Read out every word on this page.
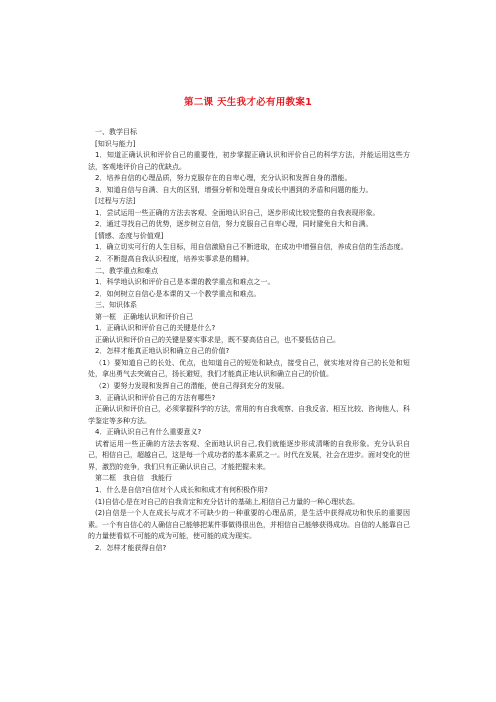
第二课 天生我才必有用教案1

一、教学目标

[知识与能力]

1．知道正确认识和评价自己的重要性，初步掌握正确认识和评价自己的科学方法，并能运用这些方法，客观地评价自己的优缺点。

2．培养自信的心理品质，努力克服存在的自卑心理，充分认识和发挥自身的潜能。

3．知道自信与自满、自大的区别，增强分析和处理自身成长中遇到的矛盾和问题的能力。

[过程与方法]

1．尝试运用一些正确的方法去客观、全面地认识自己，逐步形成比较完整的自我表现形象。

2．通过寻找自己的优势，逐步树立自信，努力克服自己自卑心理，同时避免自大和自满。

[情感、态度与价值观]

1．确立切实可行的人生目标，用自信激励自己不断进取，在成功中增强自信，养成自信的生活态度。

2．不断提高自我认识程度，培养实事求是的精神。

二、教学重点和难点

1．科学地认识和评价自己是本课的教学重点和难点之一。

2．如何树立自信心是本课的又一个教学重点和难点。

三、知识体系

第一框　正确地认识和评价自己

1．正确认识和评价自己的关键是什么?

正确认识和评价自己的关键是要实事求是，既不要高估自己，也不要低估自己。

2．怎样才能真正地认识和确立自己的价值?

（1）要知道自己的长处、优点，也知道自己的短处和缺点，接受自己，就实地对待自己的长处和短处，拿出勇气去突破自己，扬长避短，我们才能真正地认识和确立自己的价值。

（2）要努力发现和发挥自己的潜能，使自己得到充分的发展。

3．正确认识和评价自己的方法有哪些?

正确认识和评价自己，必须掌握科学的方法，常用的有自我观察、自我反省、相互比较、咨询他人、科学鉴定等多种方法。

4．正确认识自己有什么重要意义?

试着运用一些正确的方法去客观、全面地认识自己,我们就能逐步形成清晰的自我形象。充分认识自己，相信自己，超越自己，这是每一个成功者的基本素质之一。时代在发展，社会在进步。面对变化的世界，激烈的竞争，我们只有正确认识自己，才能把握未来。

第二框　我自信　我能行

1．什么是自信?自信对个人成长和和成才有何积极作用?

(1)自信心是在对自己的自我肯定和充分估计的基础上,相信自己力量的一种心理状态。

(2)自信是一个人在成长与成才不可缺少的一种重要的心理品质，是生活中获得成功和快乐的重要因素。一个有自信心的人确信自己能够把某件事做得很出色，并相信自己能够获得成功。自信的人能靠自己的力量使看似不可能的成为可能，使可能的成为现实。

2．怎样才能获得自信?
